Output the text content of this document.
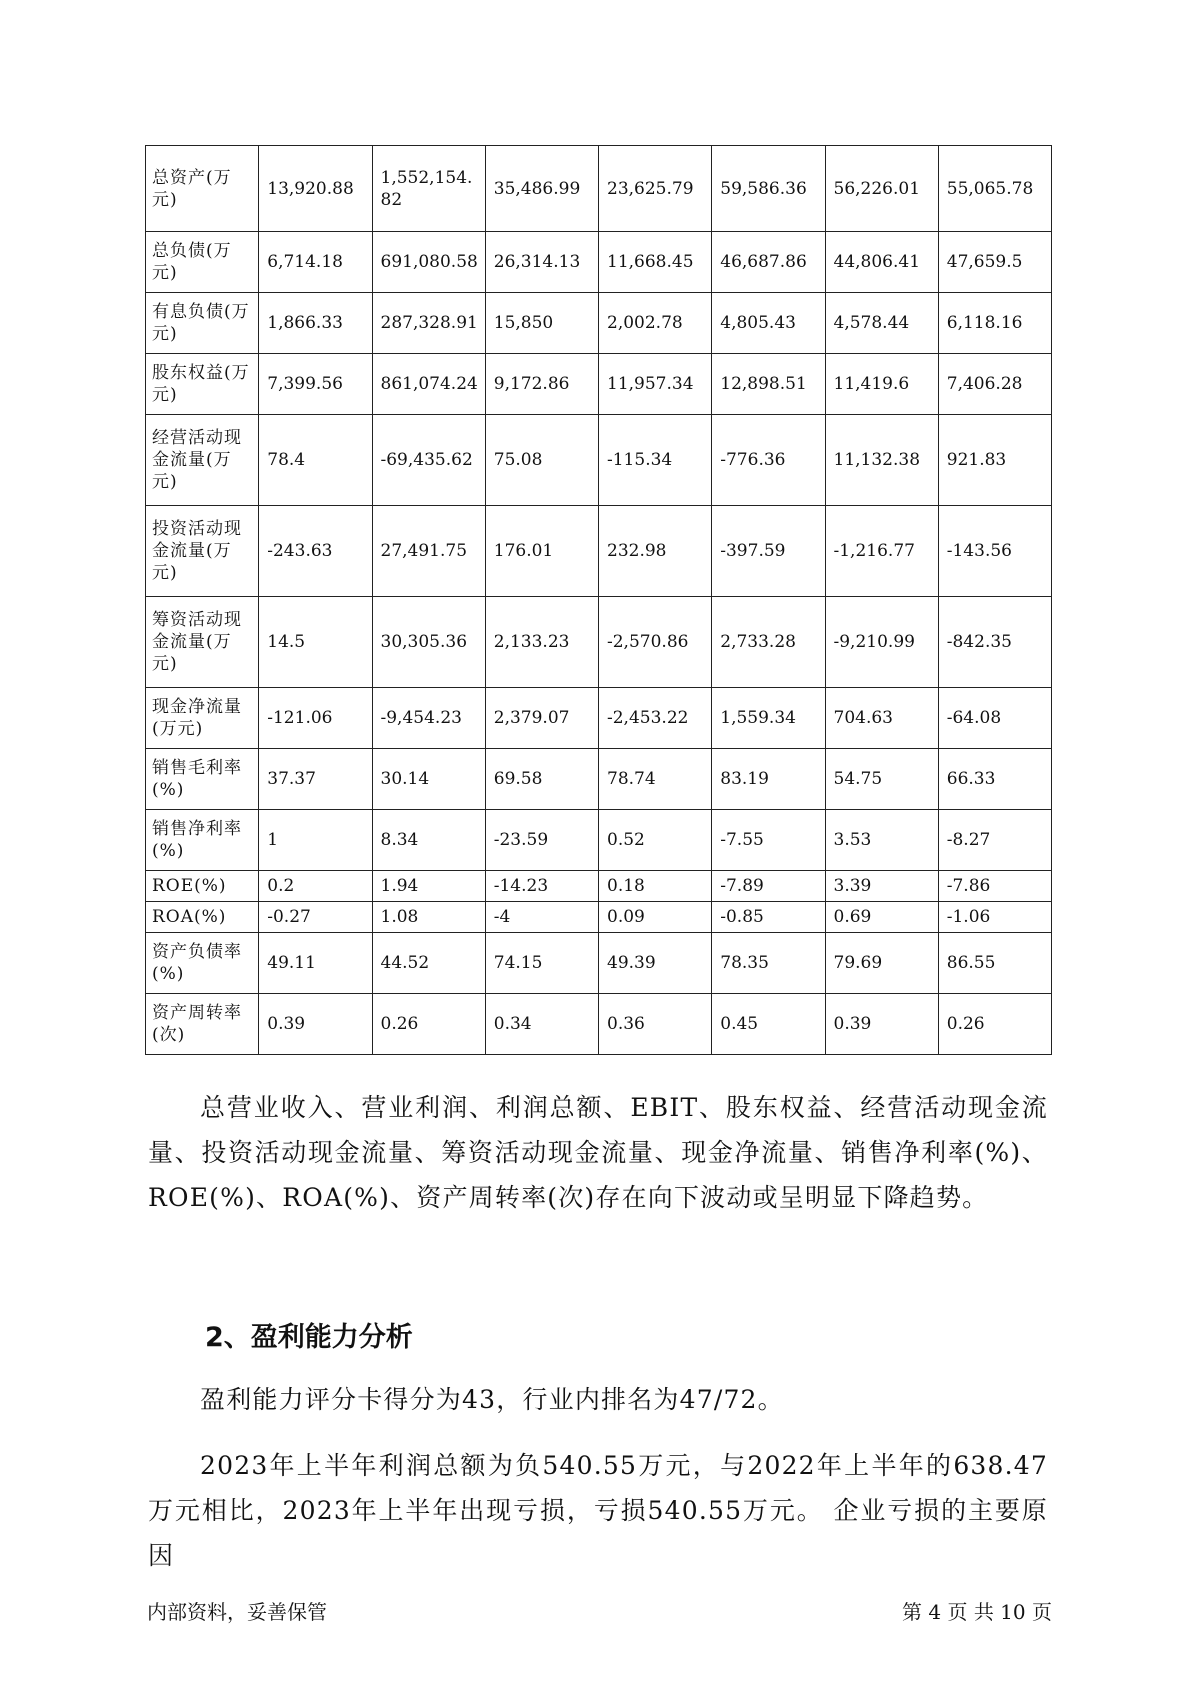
总资产(万元)	13,920.88	1,552,154.82	35,486.99	23,625.79	59,586.36	56,226.01	55,065.78
总负债(万元)	6,714.18	691,080.58	26,314.13	11,668.45	46,687.86	44,806.41	47,659.5
有息负债(万元)	1,866.33	287,328.91	15,850	2,002.78	4,805.43	4,578.44	6,118.16
股东权益(万元)	7,399.56	861,074.24	9,172.86	11,957.34	12,898.51	11,419.6	7,406.28
经营活动现金流量(万元)	78.4	-69,435.62	75.08	-115.34	-776.36	11,132.38	921.83
投资活动现金流量(万元)	-243.63	27,491.75	176.01	232.98	-397.59	-1,216.77	-143.56
筹资活动现金流量(万元)	14.5	30,305.36	2,133.23	-2,570.86	2,733.28	-9,210.99	-842.35
现金净流量(万元)	-121.06	-9,454.23	2,379.07	-2,453.22	1,559.34	704.63	-64.08
销售毛利率(%)	37.37	30.14	69.58	78.74	83.19	54.75	66.33
销售净利率(%)	1	8.34	-23.59	0.52	-7.55	3.53	-8.27
ROE(%)	0.2	1.94	-14.23	0.18	-7.89	3.39	-7.86
ROA(%)	-0.27	1.08	-4	0.09	-0.85	0.69	-1.06
资产负债率(%)	49.11	44.52	74.15	49.39	78.35	79.69	86.55
资产周转率(次)	0.39	0.26	0.34	0.36	0.45	0.39	0.26

总营业收入、营业利润、利润总额、EBIT、股东权益、经营活动现金流量、投资活动现金流量、筹资活动现金流量、现金净流量、销售净利率(%)、ROE(%)、ROA(%)、资产周转率(次)存在向下波动或呈明显下降趋势。

2、盈利能力分析

盈利能力评分卡得分为43，行业内排名为47/72。

2023年上半年利润总额为负540.55万元，与2022年上半年的638.47万元相比，2023年上半年出现亏损，亏损540.55万元。 企业亏损的主要原因

内部资料，妥善保管	第 4 页 共 10 页
